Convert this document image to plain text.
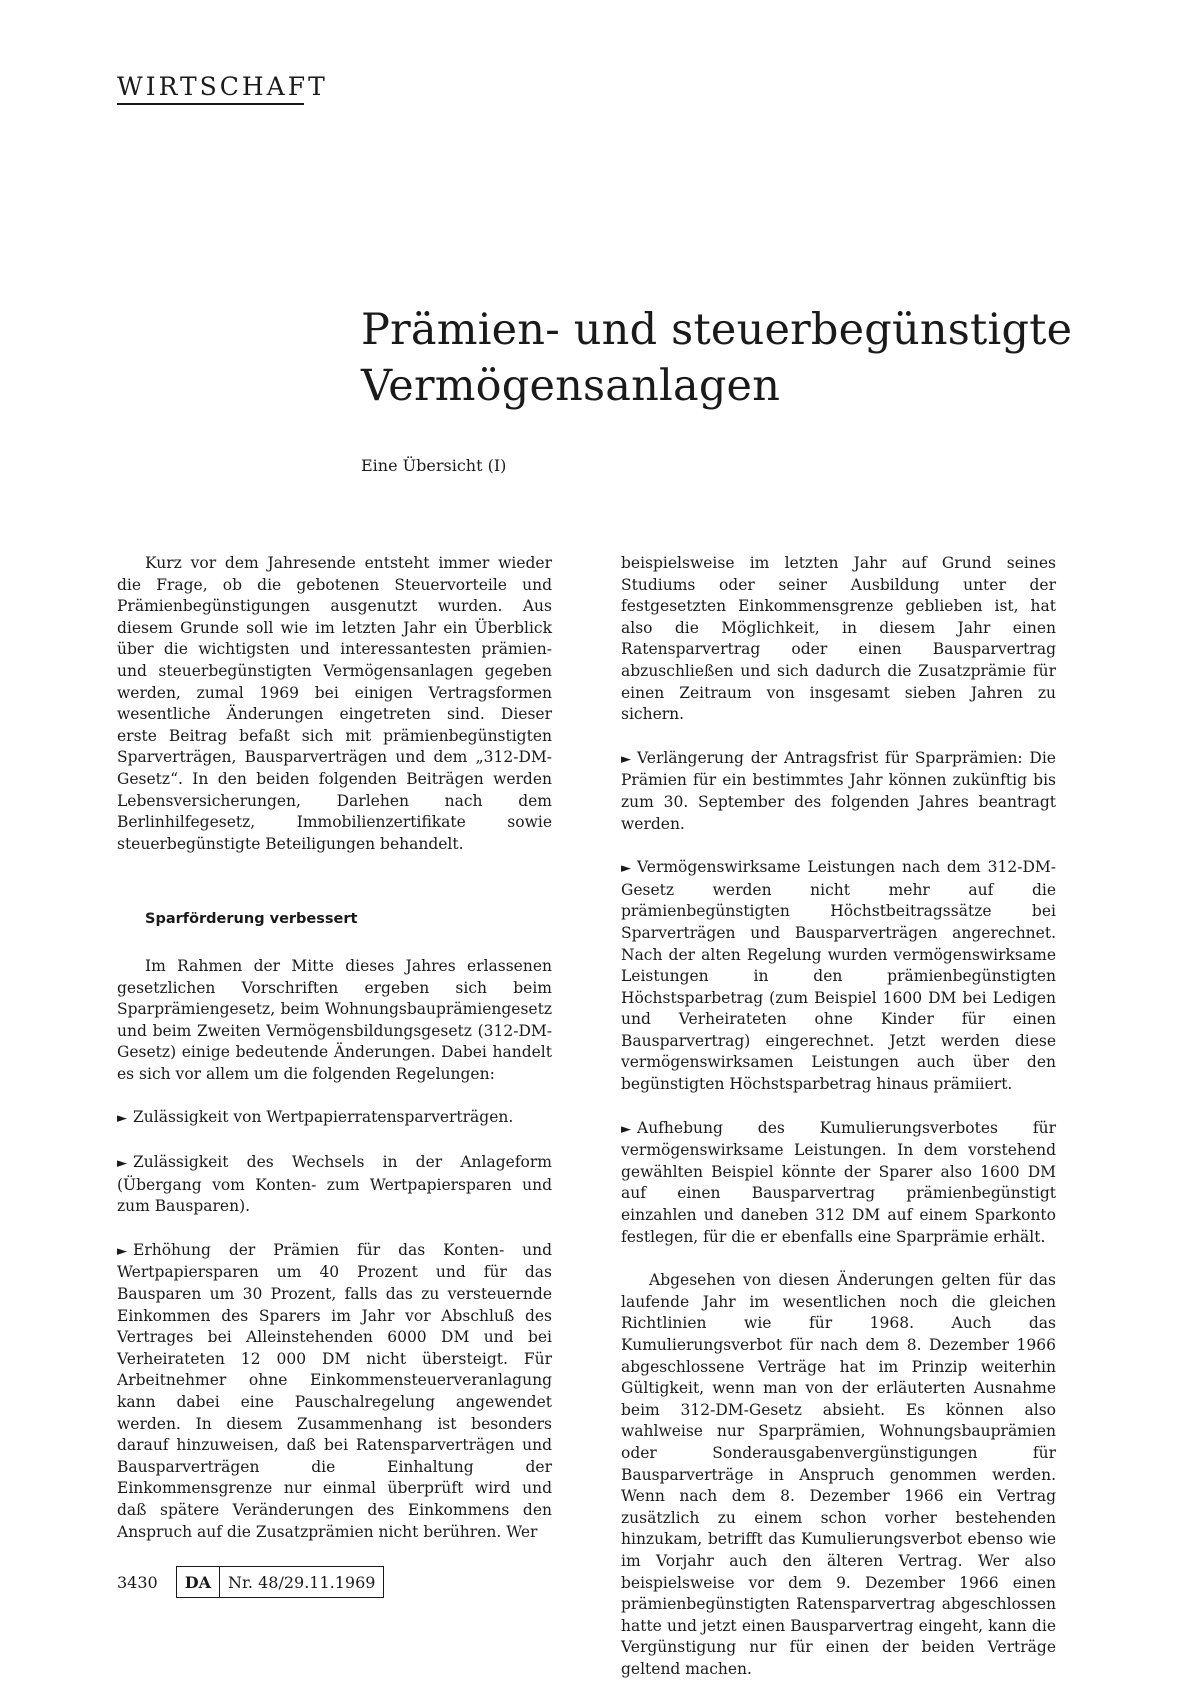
WIRTSCHAFT
Prämien- und steuerbegünstigte Vermögensanlagen

Eine Übersicht (I)

Kurz vor dem Jahresende entsteht immer wieder die Frage, ob die gebotenen Steuervorteile und Prämienbegünstigungen ausgenutzt wurden. Aus diesem Grunde soll wie im letzten Jahr ein Überblick über die wichtigsten und interessantesten prämien- und steuerbegünstigten Vermögensanlagen gegeben werden, zumal 1969 bei einigen Vertragsformen wesentliche Änderungen eingetreten sind. Dieser erste Beitrag befaßt sich mit prämienbegünstigten Sparverträgen, Bausparverträgen und dem „312-DM-Gesetz“. In den beiden folgenden Beiträgen werden Lebensversicherungen, Darlehen nach dem Berlinhilfegesetz, Immobilienzertifikate sowie steuerbegünstigte Beteiligungen behandelt.

Sparförderung verbessert

Im Rahmen der Mitte dieses Jahres erlassenen gesetzlichen Vorschriften ergeben sich beim Sparprämiengesetz, beim Wohnungsbauprämiengesetz und beim Zweiten Vermögensbildungsgesetz (312-DM-Gesetz) einige bedeutende Änderungen. Dabei handelt es sich vor allem um die folgenden Regelungen:

► Zulässigkeit von Wertpapierratensparverträgen.

► Zulässigkeit des Wechsels in der Anlageform (Übergang vom Konten- zum Wertpapiersparen und zum Bausparen).

► Erhöhung der Prämien für das Konten- und Wertpapiersparen um 40 Prozent und für das Bausparen um 30 Prozent, falls das zu versteuernde Einkommen des Sparers im Jahr vor Abschluß des Vertrages bei Alleinstehenden 6000 DM und bei Verheirateten 12 000 DM nicht übersteigt. Für Arbeitnehmer ohne Einkommensteuerveranlagung kann dabei eine Pauschalregelung angewendet werden. In diesem Zusammenhang ist besonders darauf hinzuweisen, daß bei Ratensparverträgen und Bausparverträgen die Einhaltung der Einkommensgrenze nur einmal überprüft wird und daß spätere Veränderungen des Einkommens den Anspruch auf die Zusatzprämien nicht berühren. Wer

beispielsweise im letzten Jahr auf Grund seines Studiums oder seiner Ausbildung unter der festgesetzten Einkommensgrenze geblieben ist, hat also die Möglichkeit, in diesem Jahr einen Ratensparvertrag oder einen Bausparvertrag abzuschließen und sich dadurch die Zusatzprämie für einen Zeitraum von insgesamt sieben Jahren zu sichern.

► Verlängerung der Antragsfrist für Sparprämien: Die Prämien für ein bestimmtes Jahr können zukünftig bis zum 30. September des folgenden Jahres beantragt werden.

► Vermögenswirksame Leistungen nach dem 312-DM-Gesetz werden nicht mehr auf die prämienbegünstigten Höchstbeitragssätze bei Sparverträgen und Bausparverträgen angerechnet. Nach der alten Regelung wurden vermögenswirksame Leistungen in den prämienbegünstigten Höchstsparbetrag (zum Beispiel 1600 DM bei Ledigen und Verheirateten ohne Kinder für einen Bausparvertrag) eingerechnet. Jetzt werden diese vermögenswirksamen Leistungen auch über den begünstigten Höchstsparbetrag hinaus prämiiert.

► Aufhebung des Kumulierungsverbotes für vermögenswirksame Leistungen. In dem vorstehend gewählten Beispiel könnte der Sparer also 1600 DM auf einen Bausparvertrag prämienbegünstigt einzahlen und daneben 312 DM auf einem Sparkonto festlegen, für die er ebenfalls eine Sparprämie erhält.

Abgesehen von diesen Änderungen gelten für das laufende Jahr im wesentlichen noch die gleichen Richtlinien wie für 1968. Auch das Kumulierungsverbot für nach dem 8. Dezember 1966 abgeschlossene Verträge hat im Prinzip weiterhin Gültigkeit, wenn man von der erläuterten Ausnahme beim 312-DM-Gesetz absieht. Es können also wahlweise nur Sparprämien, Wohnungsbauprämien oder Sonderausgabenvergünstigungen für Bausparverträge in Anspruch genommen werden. Wenn nach dem 8. Dezember 1966 ein Vertrag zusätzlich zu einem schon vorher bestehenden hinzukam, betrifft das Kumulierungsverbot ebenso wie im Vorjahr auch den älteren Vertrag. Wer also beispielsweise vor dem 9. Dezember 1966 einen prämienbegünstigten Ratensparvertrag abgeschlossen hatte und jetzt einen Bausparvertrag eingeht, kann die Vergünstigung nur für einen der beiden Verträge geltend machen.

3430	DA	Nr. 48/29.11.1969
